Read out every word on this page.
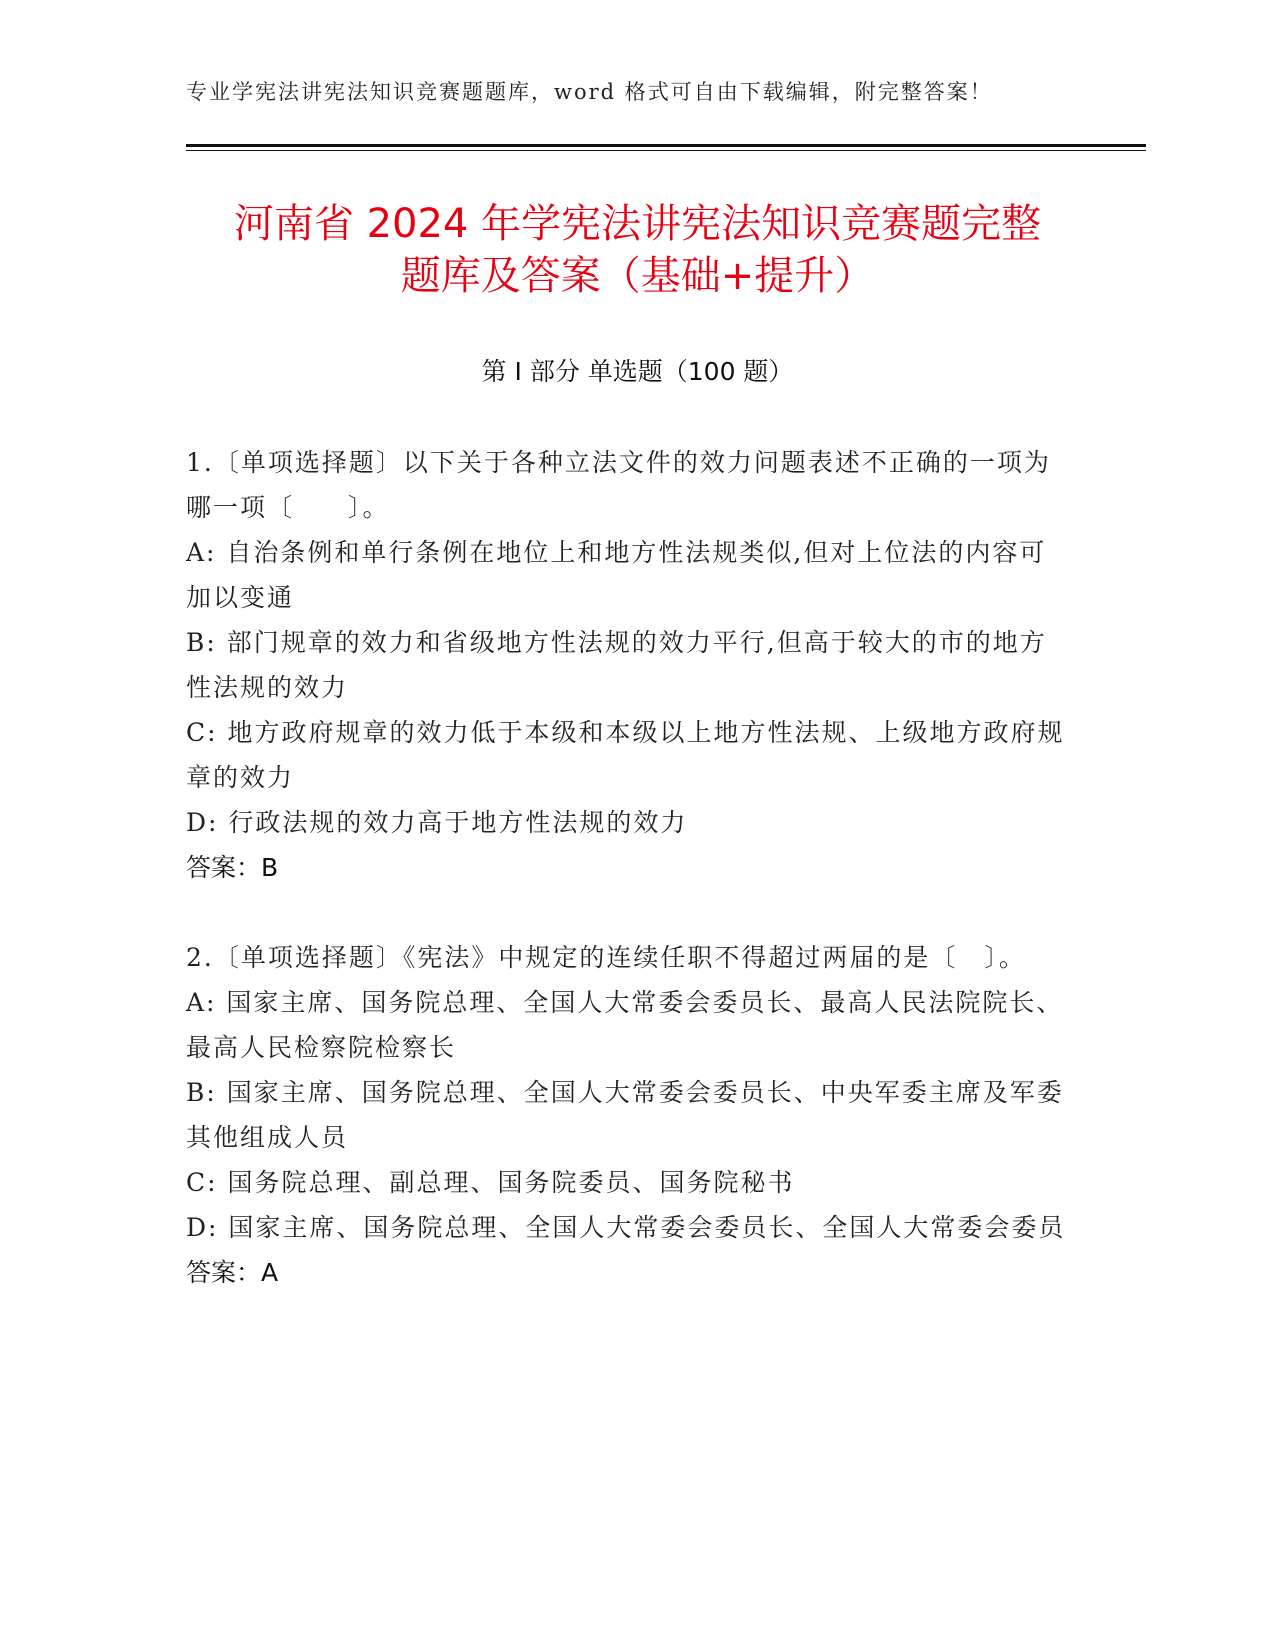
专业学宪法讲宪法知识竞赛题题库，word 格式可自由下载编辑，附完整答案！
河南省 2024 年学宪法讲宪法知识竞赛题完整
题库及答案（基础+提升）
第 I 部分 单选题（100 题）

1.〔单项选择题〕以下关于各种立法文件的效力问题表述不正确的一项为哪一项〔　　〕。

A: 自治条例和单行条例在地位上和地方性法规类似,但对上位法的内容可加以变通

B: 部门规章的效力和省级地方性法规的效力平行,但高于较大的市的地方性法规的效力

C: 地方政府规章的效力低于本级和本级以上地方性法规、上级地方政府规章的效力

D: 行政法规的效力高于地方性法规的效力

答案：B

2.〔单项选择题〕《宪法》中规定的连续任职不得超过两届的是〔　〕。

A: 国家主席、国务院总理、全国人大常委会委员长、最高人民法院院长、最高人民检察院检察长

B: 国家主席、国务院总理、全国人大常委会委员长、中央军委主席及军委其他组成人员

C: 国务院总理、副总理、国务院委员、国务院秘书

D: 国家主席、国务院总理、全国人大常委会委员长、全国人大常委会委员

答案：A
